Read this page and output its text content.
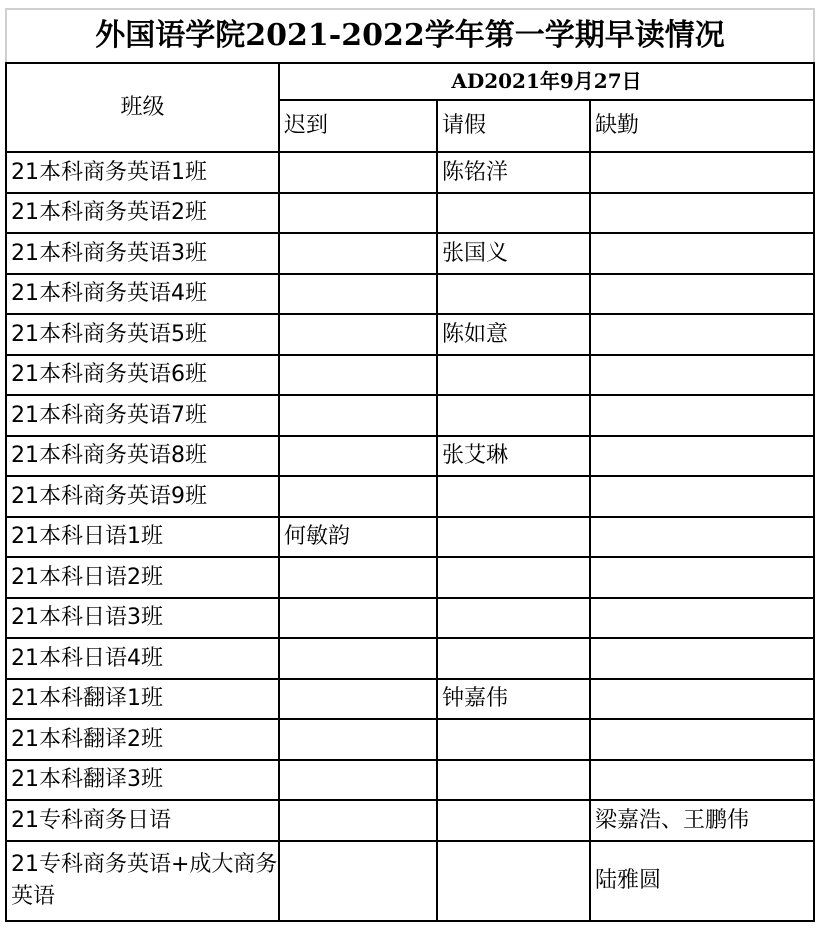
外国语学院2021-2022学年第一学期早读情况			
班级	AD2021年9月27日		
	迟到	请假	缺勤
21本科商务英语1班		陈铭洋	
21本科商务英语2班			
21本科商务英语3班		张国义	
21本科商务英语4班			
21本科商务英语5班		陈如意	
21本科商务英语6班			
21本科商务英语7班			
21本科商务英语8班		张艾琳	
21本科商务英语9班			
21本科日语1班	何敏韵		
21本科日语2班			
21本科日语3班			
21本科日语4班			
21本科翻译1班		钟嘉伟	
21本科翻译2班			
21本科翻译3班			
21专科商务日语			梁嘉浩、王鹏伟
21专科商务英语+成大商务英语			陆雅圆
